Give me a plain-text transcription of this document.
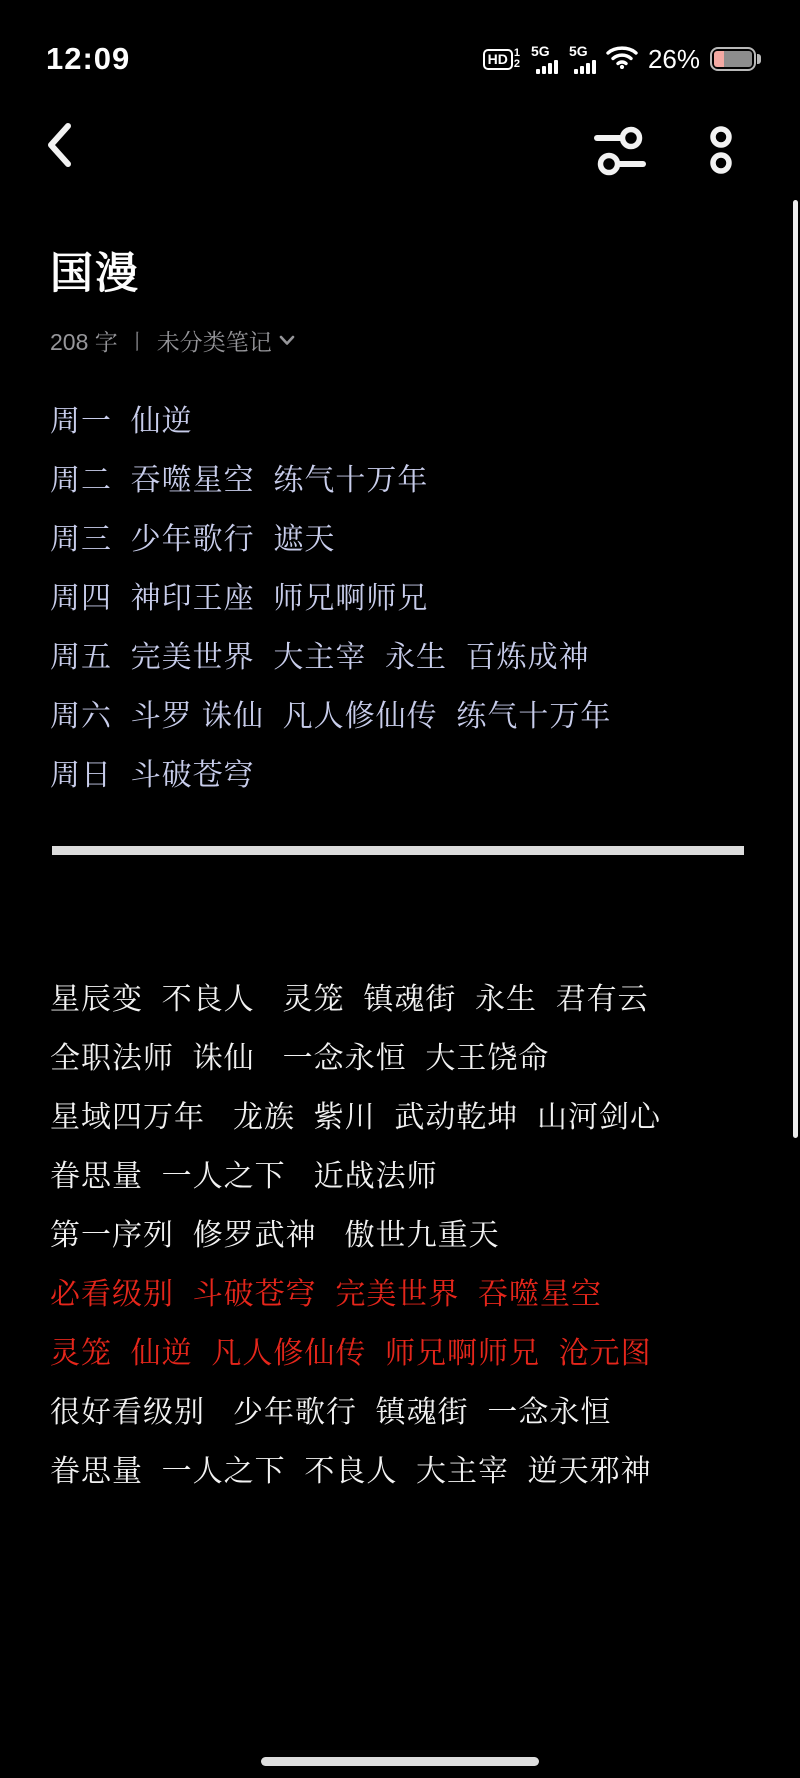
12:09	HD 1
2
5G 5G 26%
国漫
208 字 丨 未分类笔记
周一  仙逆
周二  吞噬星空  练气十万年
周三  少年歌行  遮天
周四  神印王座  师兄啊师兄
周五  完美世界  大主宰  永生  百炼成神
周六  斗罗 诛仙  凡人修仙传  练气十万年
周日  斗破苍穹
星辰变  不良人   灵笼  镇魂街  永生  君有云
全职法师  诛仙   一念永恒  大王饶命
星域四万年   龙族  紫川  武动乾坤  山河剑心
眷思量  一人之下   近战法师
第一序列  修罗武神   傲世九重天
必看级别  斗破苍穹  完美世界  吞噬星空
灵笼  仙逆  凡人修仙传  师兄啊师兄  沧元图
很好看级别   少年歌行  镇魂街  一念永恒
眷思量  一人之下  不良人  大主宰  逆天邪神
